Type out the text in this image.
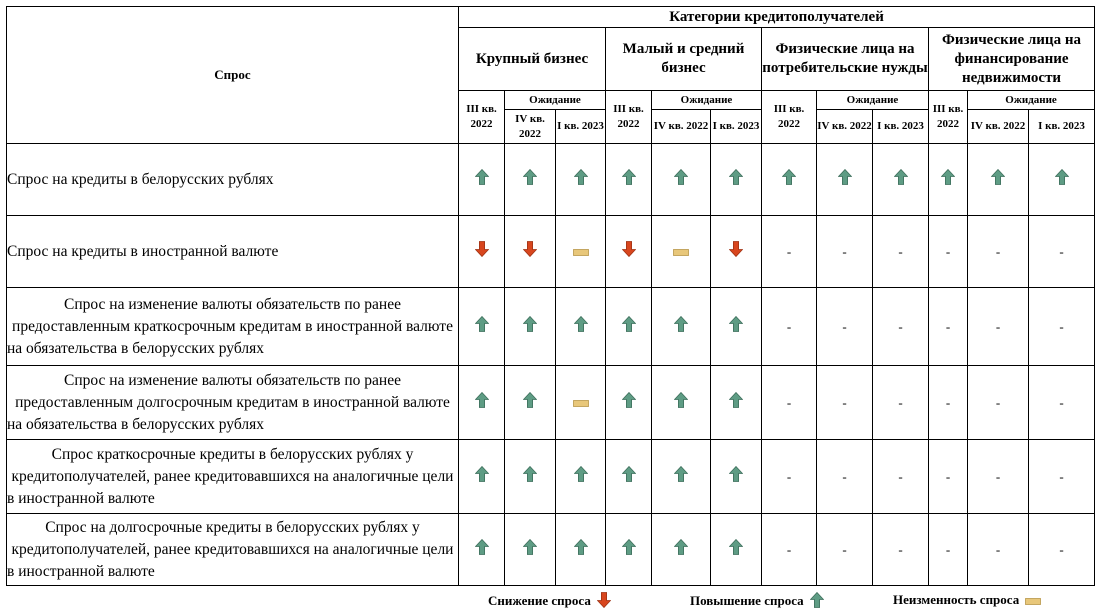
Спрос	Категории кредитополучателей											
	Крупный бизнес			Малый и средний бизнес			Физические лица на потребительские нужды			Физические лица на финансирование недвижимости		
	III кв. 2022	Ожидание		III кв. 2022	Ожидание		III кв. 2022	Ожидание		III кв. 2022	Ожидание	
		IV кв. 2022	I кв. 2023		IV кв. 2022	I кв. 2023		IV кв. 2022	I кв. 2023		IV кв. 2022	I кв. 2023
Спрос на кредиты в белорусских рублях												
Спрос на кредиты в иностранной валюте							-	-	-	-	-	-
Спрос на изменение валюты обязательств по ранее предоставленным краткосрочным кредитам в иностранной валюте на обязательства в белорусских рублях							-	-	-	-	-	-
Спрос на изменение валюты обязательств по ранее предоставленным долгосрочным кредитам в иностранной валюте на обязательства в белорусских рублях							-	-	-	-	-	-
Спрос краткосрочные кредиты в белорусских рублях у кредитополучателей, ранее кредитовавшихся на аналогичные цели в иностранной валюте							-	-	-	-	-	-
Спрос на долгосрочные кредиты в белорусских рублях у кредитополучателей, ранее кредитовавшихся на аналогичные цели в иностранной валюте							-	-	-	-	-	-
Снижение спроса	Повышение спроса	Неизменность спроса
